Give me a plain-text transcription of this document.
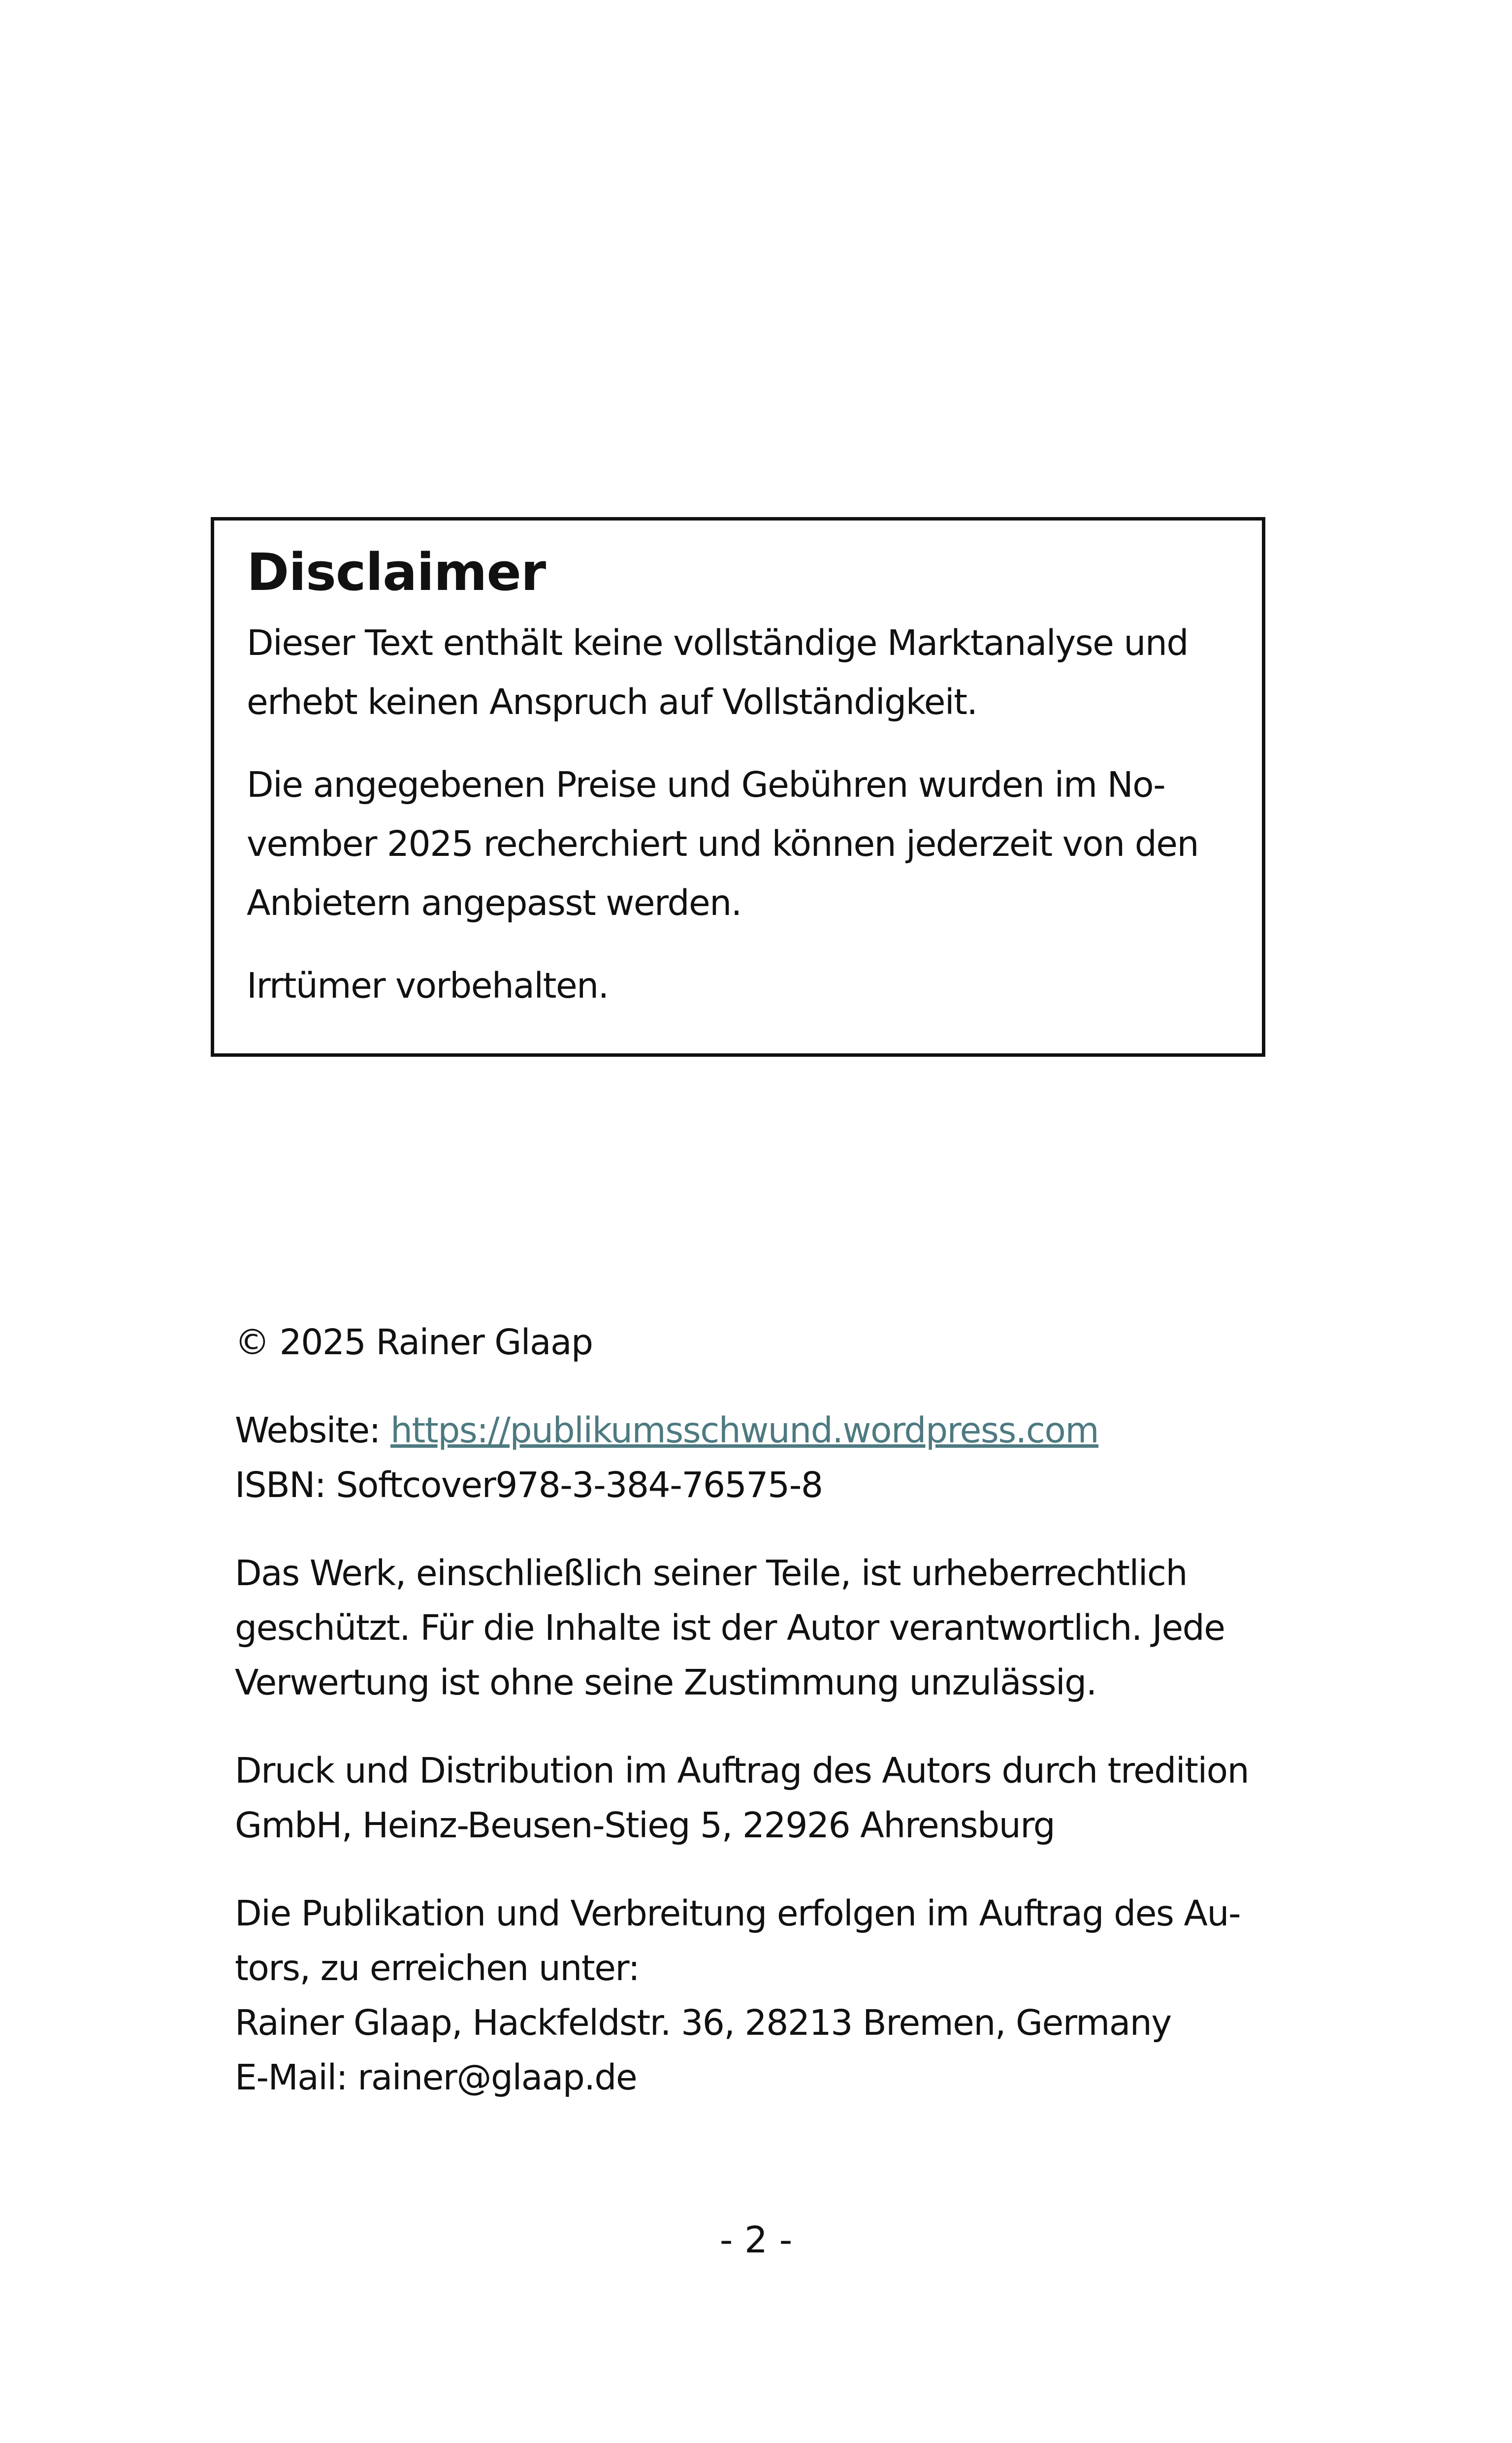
Disclaimer

Dieser Text enthält keine vollständige Marktanalyse und erhebt keinen Anspruch auf Vollständigkeit.

Die angegebenen Preise und Gebühren wurden im November 2025 recherchiert und können jederzeit von den Anbietern angepasst werden.

Irrtümer vorbehalten.

© 2025 Rainer Glaap

Website: https://publikumsschwund.wordpress.com
ISBN: Softcover978-3-384-76575-8

Das Werk, einschließlich seiner Teile, ist urheberrechtlich geschützt. Für die Inhalte ist der Autor verantwortlich. Jede Verwertung ist ohne seine Zustimmung unzulässig.

Druck und Distribution im Auftrag des Autors durch tredition GmbH, Heinz-Beusen-Stieg 5, 22926 Ahrensburg

Die Publikation und Verbreitung erfolgen im Auftrag des Autors, zu erreichen unter:
Rainer Glaap, Hackfeldstr. 36, 28213 Bremen, Germany
E-Mail: rainer@glaap.de

- 2 -
